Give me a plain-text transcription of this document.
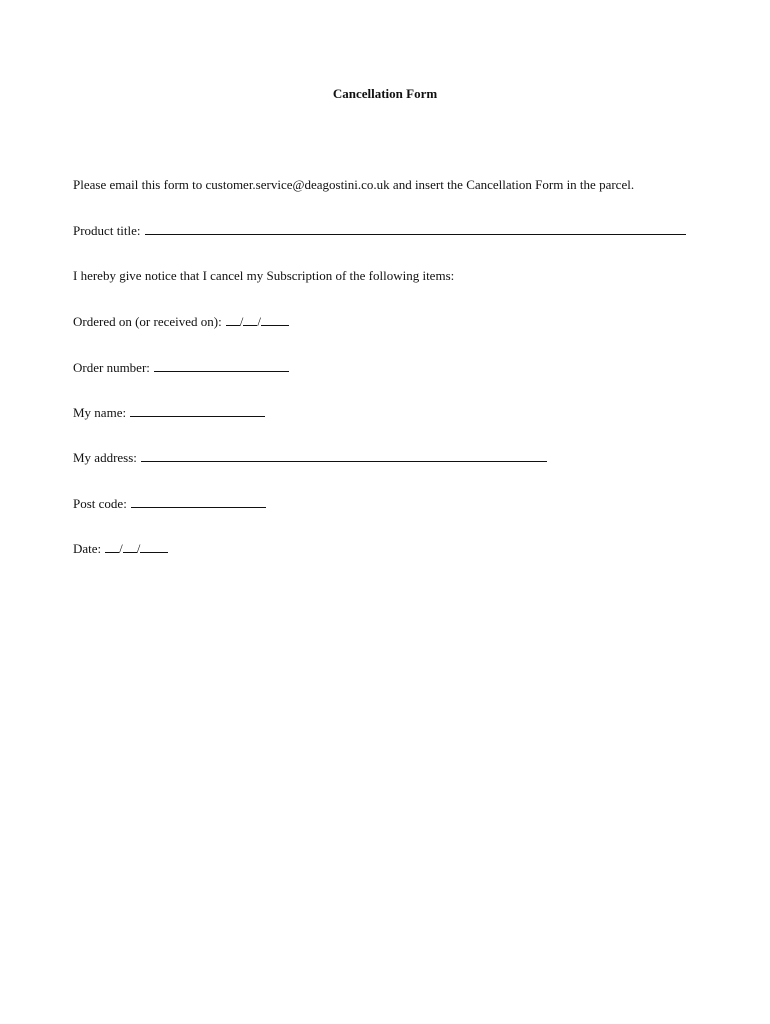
Cancellation Form
Please email this form to customer.service@deagostini.co.uk and insert the Cancellation Form in the parcel.
Product title:
I hereby give notice that I cancel my Subscription of the following items:
Ordered on (or received on): / /
Order number:
My name:
My address:
Post code:
Date: / /
